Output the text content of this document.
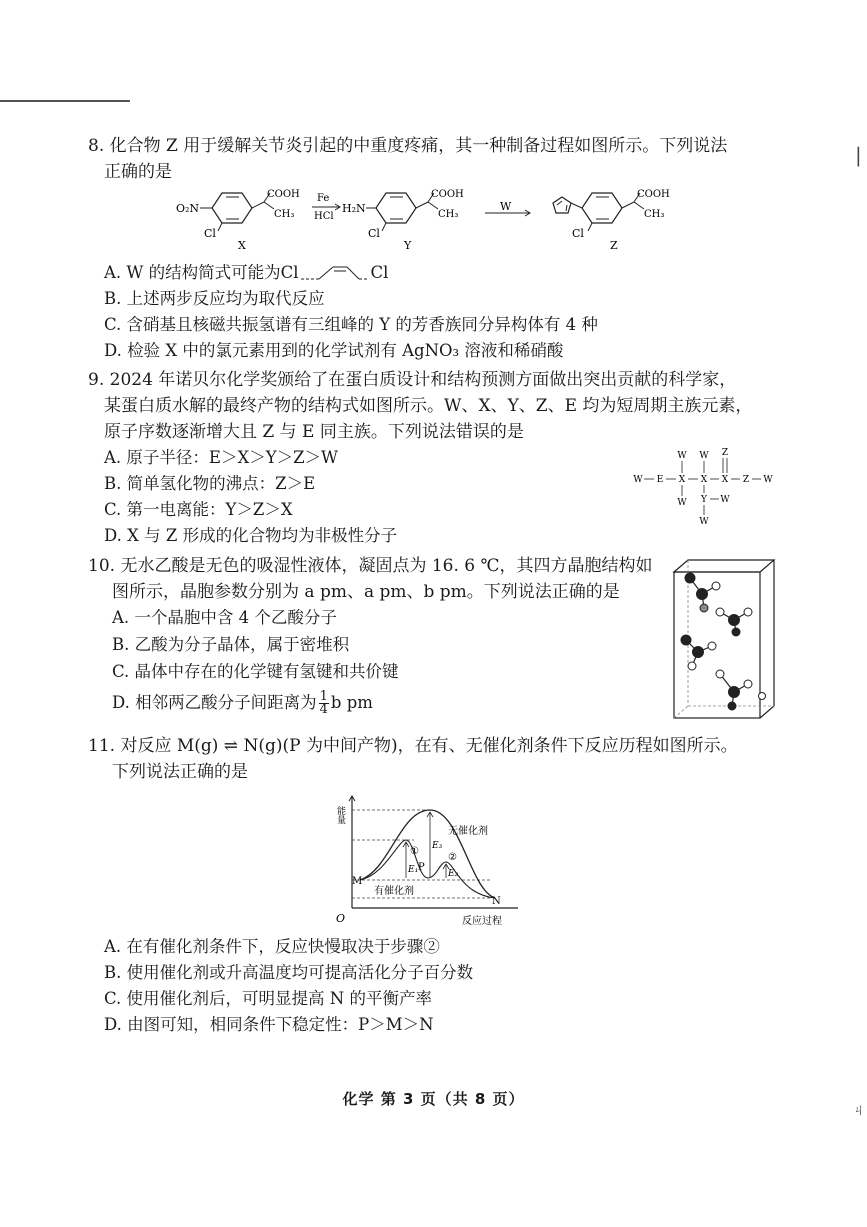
|
8. 化合物 Z 用于缓解关节炎引起的中重度疼痛，其一种制备过程如图所示。下列说法
正确的是
O₂N
COOH
CH₃
Cl
X
Fe
HCl
H₂N
COOH
CH₃
Cl
Y
W
COOH
CH₃
Cl
Z
A. W 的结构简式可能为Cl	Cl
B. 上述两步反应均为取代反应
C. 含硝基且核磁共振氢谱有三组峰的 Y 的芳香族同分异构体有 4 种
D. 检验 X 中的氯元素用到的化学试剂有 AgNO₃ 溶液和稀硝酸
9. 2024 年诺贝尔化学奖颁给了在蛋白质设计和结构预测方面做出突出贡献的科学家，
某蛋白质水解的最终产物的结构式如图所示。W、X、Y、Z、E 均为短周期主族元素，
原子序数逐渐增大且 Z 与 E 同主族。下列说法错误的是
A. 原子半径：E＞X＞Y＞Z＞W
B. 简单氢化物的沸点：Z＞E
C. 第一电离能：Y＞Z＞X
D. X 与 Z 形成的化合物均为非极性分子
W W Z
W E X X X Z W
W Y W
W
10. 无水乙酸是无色的吸湿性液体，凝固点为 16. 6 ℃，其四方晶胞结构如
图所示，晶胞参数分别为 a pm、a pm、b pm。下列说法正确的是
A. 一个晶胞中含 4 个乙酸分子
B. 乙酸为分子晶体，属于密堆积
C. 晶体中存在的化学键有氢键和共价键
D. 相邻两乙酸分子间距离为 $\frac{1}{4}$ b pm
11. 对反应 M(g) ⇌ N(g)(P 为中间产物)，在有、无催化剂条件下反应历程如图所示。
下列说法正确的是
能量
O	反应过程
无催化剂
有催化剂
M
N
P
E₃
E₁	E₂
①
②
A. 在有催化剂条件下，反应快慢取决于步骤②
B. 使用催化剂或升高温度均可提高活化分子百分数
C. 使用催化剂后，可明显提高 N 的平衡产率
D. 由图可知，相同条件下稳定性：P＞M＞N
化学 第 3 页（共 8 页）
ㄐ
